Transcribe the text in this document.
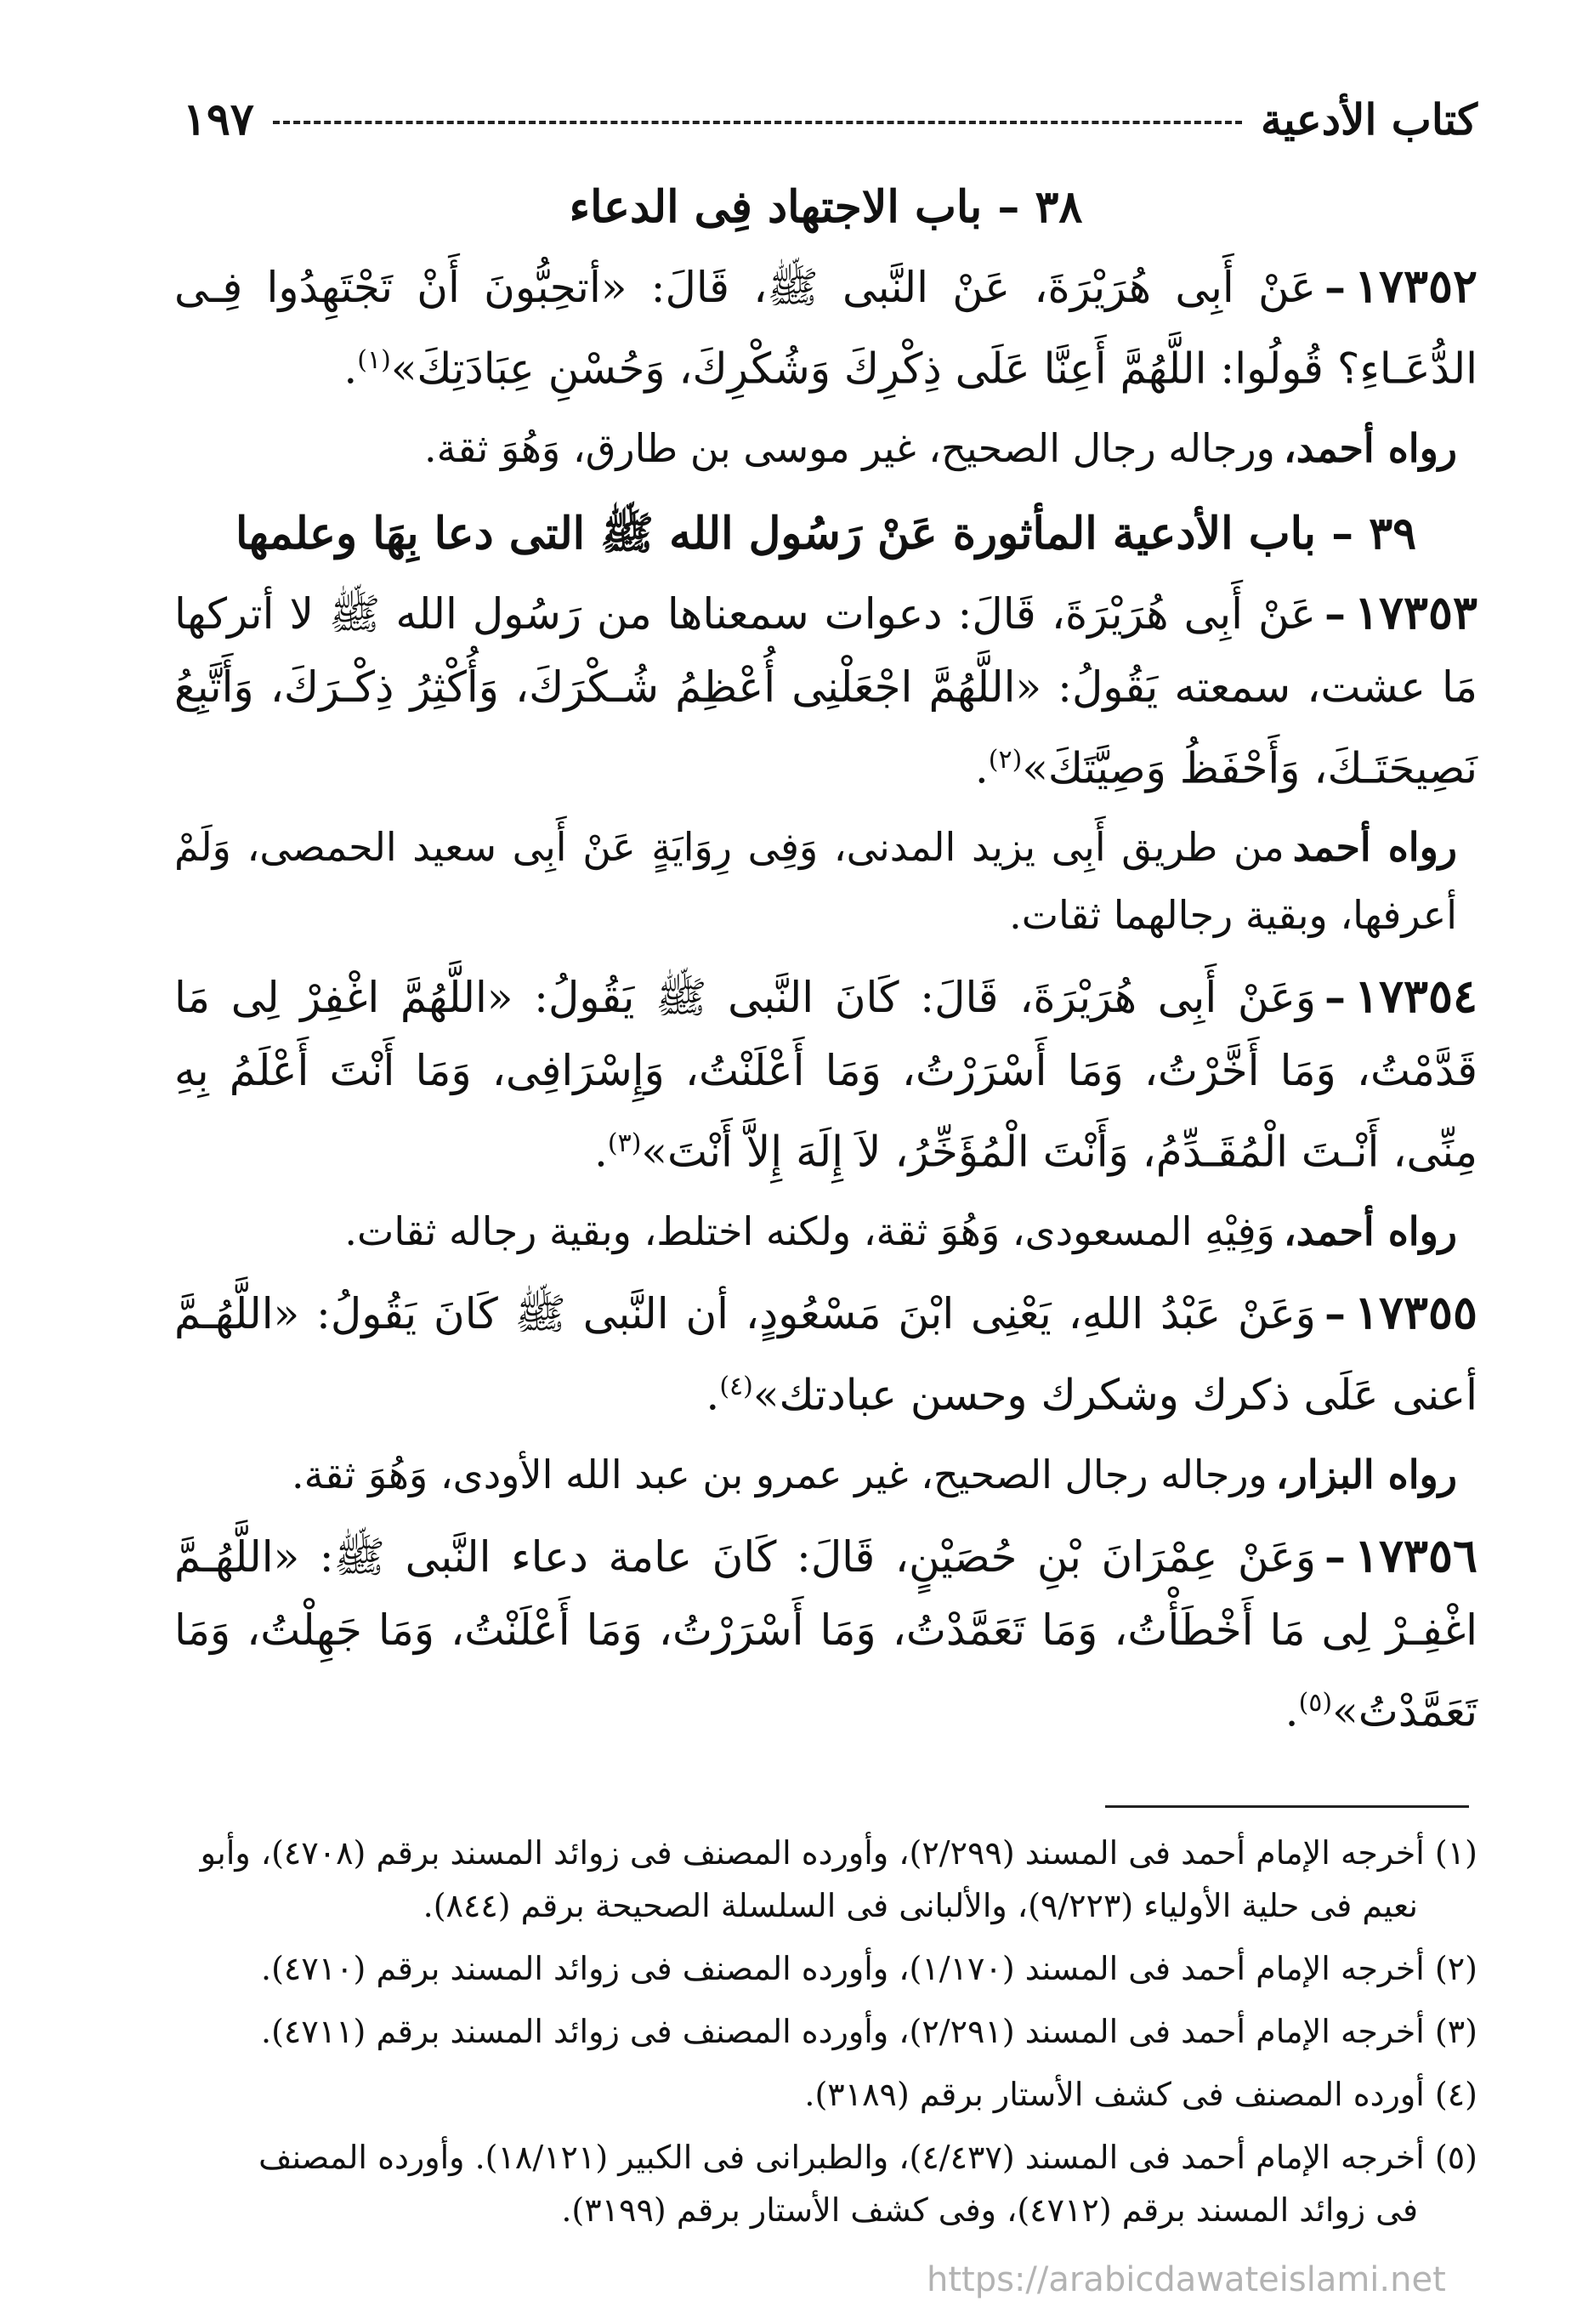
كتاب الأدعية
١٩٧
٣٨ – باب الاجتهاد فِى الدعاء

١٧٣٥٢–عَنْ أَبِى هُرَيْرَةَ، عَنْ النَّبى ﷺ، قَالَ: «أتحِبُّونَ أَنْ تَجْتَهِدُوا فِـى الدُّعَـاءِ؟ قُولُوا: اللَّهُمَّ أَعِنَّا عَلَى ذِكْرِكَ وَشُكْرِكَ، وَحُسْنِ عِبَادَتِكَ»$^{(١)}$.

رواه أحمد،ورجاله رجال الصحيح، غير موسى بن طارق، وَهُوَ ثقة.

٣٩ – باب الأدعية المأثورة عَنْ رَسُول الله ﷺ التى دعا بِهَا وعلمها

١٧٣٥٣–عَنْ أَبِى هُرَيْرَةَ، قَالَ: دعوات سمعناها من رَسُول الله ﷺ لا أتركها مَا عشت، سمعته يَقُولُ: «اللَّهُمَّ اجْعَلْنِى أُعْظِمُ شُـكْرَكَ، وَأُكْثِرُ ذِكْـرَكَ، وَأَتَّبِعُ نَصِيحَتَـكَ، وَأَحْفَظُ وَصِيَّتَكَ»$^{(٢)}$.

رواه أحمدمن طريق أَبِى يزيد المدنى، وَفِى رِوَايَةٍ عَنْ أَبِى سعيد الحمصى، وَلَمْ أعرفها، وبقية رجالهما ثقات.

١٧٣٥٤–وَعَنْ أَبِى هُرَيْرَةَ، قَالَ: كَانَ النَّبى ﷺ يَقُولُ: «اللَّهُمَّ اغْفِرْ لِى مَا قَدَّمْتُ، وَمَا أَخَّرْتُ، وَمَا أَسْرَرْتُ، وَمَا أَعْلَنْتُ، وَإِسْرَافِى، وَمَا أَنْتَ أَعْلَمُ بِهِ مِنِّى، أَنْـتَ الْمُقَـدِّمُ، وَأَنْتَ الْمُؤَخِّرُ، لاَ إِلَهَ إِلاَّ أَنْتَ»$^{(٣)}$.

رواه أحمد،وَفِيْهِ المسعودى، وَهُوَ ثقة، ولكنه اختلط، وبقية رجاله ثقات.

١٧٣٥٥–وَعَنْ عَبْدُ اللهِ، يَعْنِى ابْنَ مَسْعُودٍ، أن النَّبى ﷺ كَانَ يَقُولُ: «اللَّهُـمَّ أعنى عَلَى ذكرك وشكرك وحسن عبادتك»$^{(٤)}$.

رواه البزار،ورجاله رجال الصحيح، غير عمرو بن عبد الله الأودى، وَهُوَ ثقة.

١٧٣٥٦–وَعَنْ عِمْرَانَ بْنِ حُصَيْنٍ، قَالَ: كَانَ عامة دعاء النَّبى ﷺ: «اللَّهُـمَّ اغْفِـرْ لِى مَا أَخْطَأْتُ، وَمَا تَعَمَّدْتُ، وَمَا أَسْرَرْتُ، وَمَا أَعْلَنْتُ، وَمَا جَهِلْتُ، وَمَا تَعَمَّدْتُ»$^{(٥)}$.

(١) أخرجه الإمام أحمد فى المسند (٢/٢٩٩)، وأورده المصنف فى زوائد المسند برقم (٤٧٠٨)، وأبو
نعيم فى حلية الأولياء (٩/٢٢٣)، والألبانى فى السلسلة الصحيحة برقم (٨٤٤).

(٢) أخرجه الإمام أحمد فى المسند (١/١٧٠)، وأورده المصنف فى زوائد المسند برقم (٤٧١٠).

(٣) أخرجه الإمام أحمد فى المسند (٢/٢٩١)، وأورده المصنف فى زوائد المسند برقم (٤٧١١).

(٤) أورده المصنف فى كشف الأستار برقم (٣١٨٩).

(٥) أخرجه الإمام أحمد فى المسند (٤/٤٣٧)، والطبرانى فى الكبير (١٨/١٢١). وأورده المصنف
فى زوائد المسند برقم (٤٧١٢)، وفى كشف الأستار برقم (٣١٩٩).

https://arabicdawateislami.net
